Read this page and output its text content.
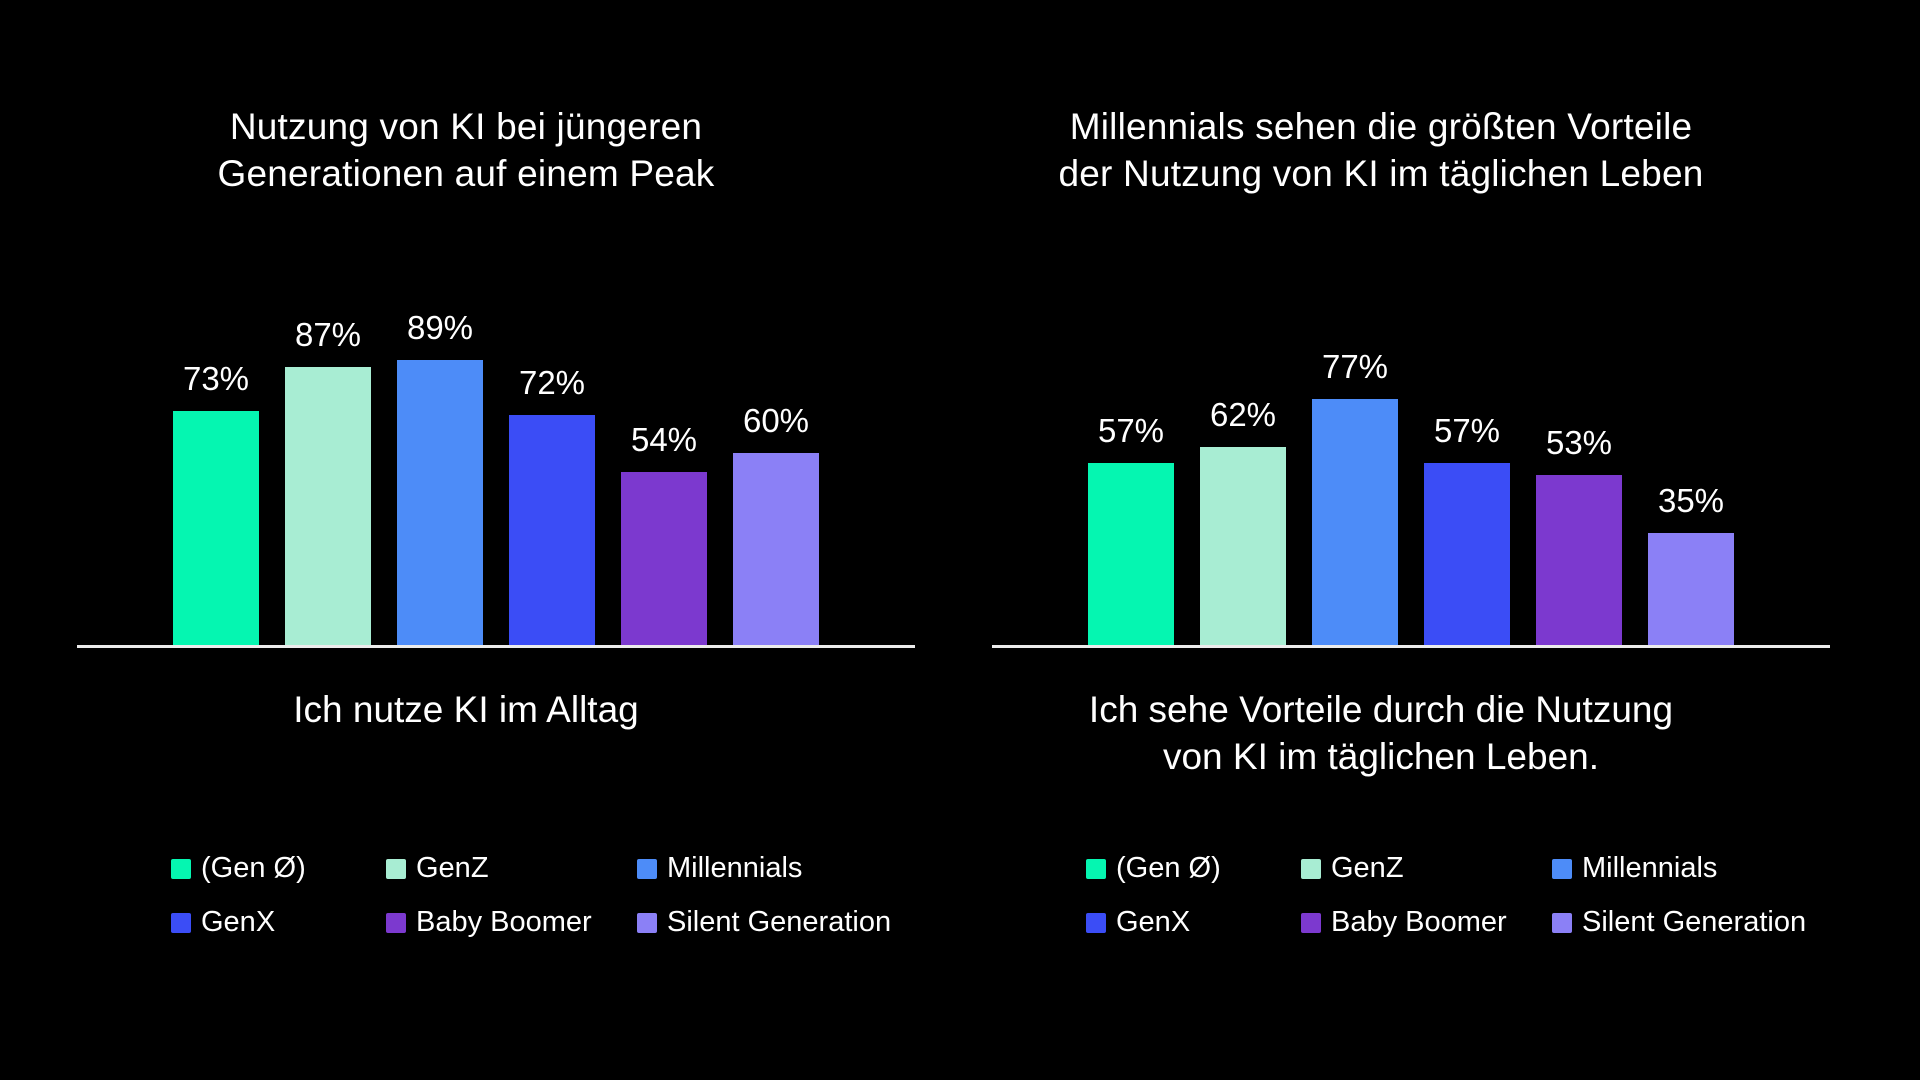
Nutzung von KI bei jüngeren
Generationen auf einem Peak
73%
87% 89%
72%
54%
60%
Ich nutze KI im Alltag
(Gen Ø)	GenZ	Millennials
GenX	Baby Boomer	Silent Generation
Millennials sehen die größten Vorteile
der Nutzung von KI im täglichen Leben
57% 62%
77%
57% 53%
35%
Ich sehe Vorteile durch die Nutzung
von KI im täglichen Leben.
(Gen Ø)	GenZ	Millennials
GenX	Baby Boomer	Silent Generation
